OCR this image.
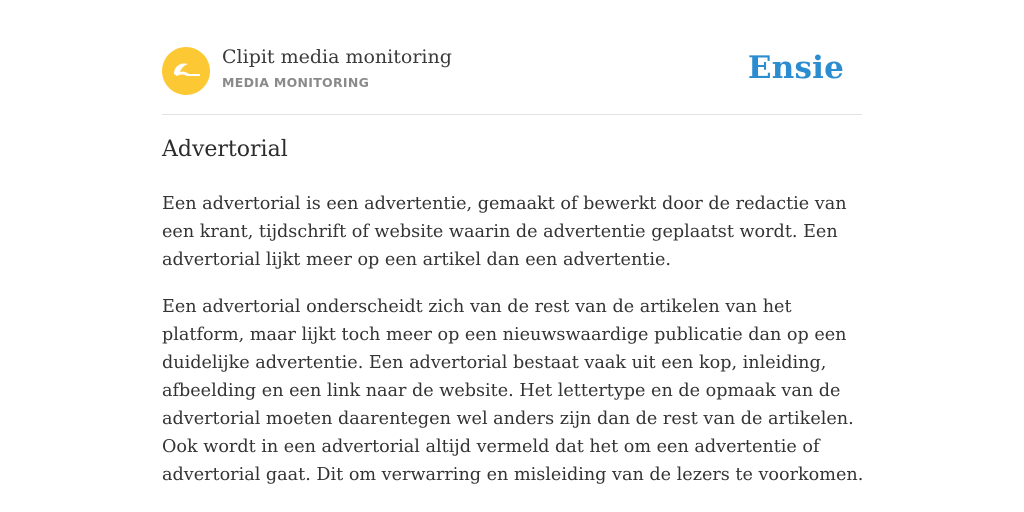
Clipit media monitoring
MEDIA MONITORING	Ensie
Advertorial

Een advertorial is een advertentie, gemaakt of bewerkt door de redactie van een krant, tijdschrift of website waarin de advertentie geplaatst wordt. Een advertorial lijkt meer op een artikel dan een advertentie.

Een advertorial onderscheidt zich van de rest van de artikelen van het platform, maar lijkt toch meer op een nieuwswaardige publicatie dan op een duidelijke advertentie. Een advertorial bestaat vaak uit een kop, inleiding, afbeelding en een link naar de website. Het lettertype en de opmaak van de advertorial moeten daarentegen wel anders zijn dan de rest van de artikelen. Ook wordt in een advertorial altijd vermeld dat het om een advertentie of advertorial gaat. Dit om verwarring en misleiding van de lezers te voorkomen.
